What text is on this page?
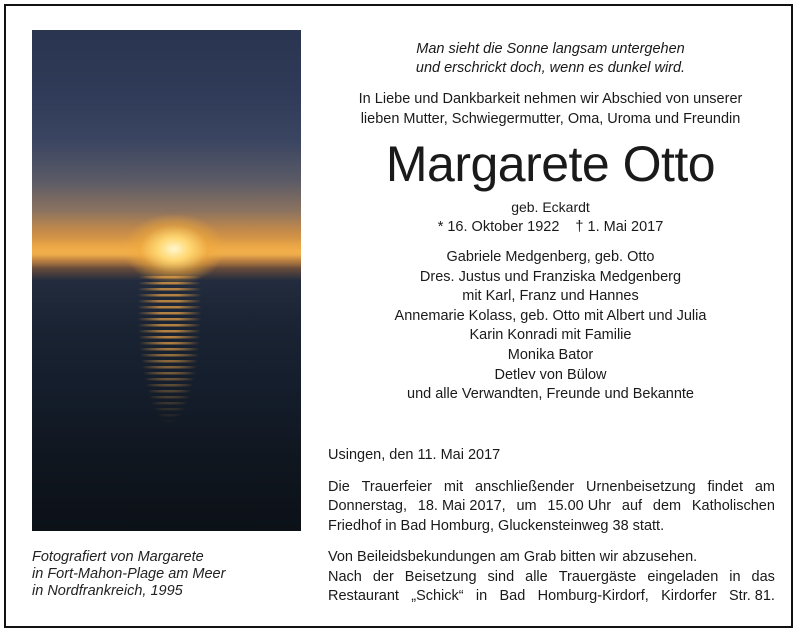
Fotografiert von Margarete
in Fort-Mahon-Plage am Meer
in Nordfrankreich, 1995
Man sieht die Sonne langsam untergehen
und erschrickt doch, wenn es dunkel wird.
In Liebe und Dankbarkeit nehmen wir Abschied von unserer
lieben Mutter, Schwiegermutter, Oma, Uroma und Freundin
Margarete Otto
geb. Eckardt
* 16. Oktober 1922 † 1. Mai 2017
Gabriele Medgenberg, geb. Otto
Dres. Justus und Franziska Medgenberg
mit Karl, Franz und Hannes
Annemarie Kolass, geb. Otto mit Albert und Julia
Karin Konradi mit Familie
Monika Bator
Detlev von Bülow
und alle Verwandten, Freunde und Bekannte
Usingen, den 11. Mai 2017
Die Trauerfeier mit anschließender Urnenbeisetzung findet am
Donnerstag, 18. Mai 2017, um 15.00 Uhr auf dem Katholischen
Friedhof in Bad Homburg, Gluckensteinweg 38 statt.
Von Beileidsbekundungen am Grab bitten wir abzusehen.
Nach der Beisetzung sind alle Trauergäste eingeladen in das
Restaurant „Schick“ in Bad Homburg-Kirdorf, Kirdorfer Str. 81.
